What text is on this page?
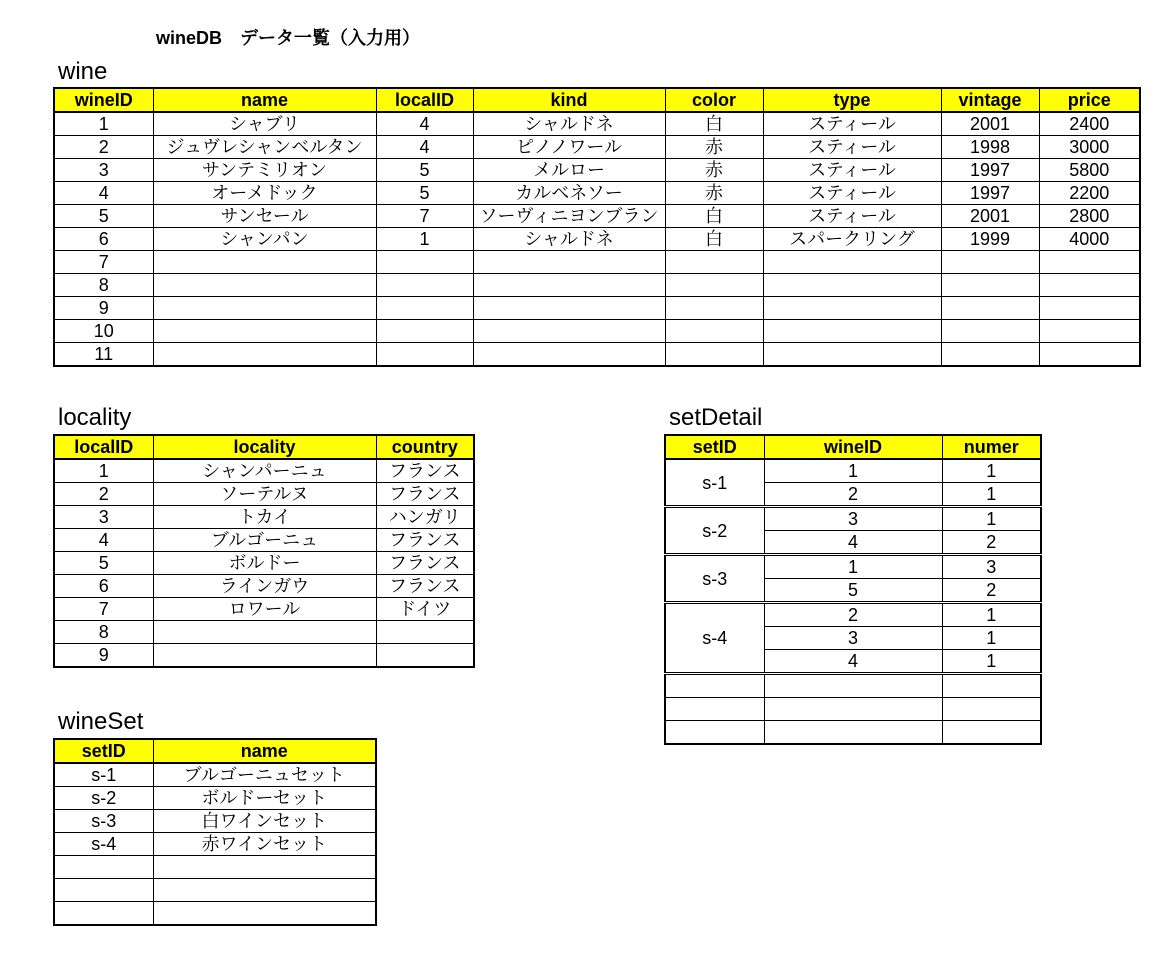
wineDB　データ一覧（入力用）
wine
wineID	name	localID	kind	color	type	vintage	price
1	シャブリ	4	シャルドネ	白	スティール	2001	2400
2	ジュヴレシャンベルタン	4	ピノノワール	赤	スティール	1998	3000
3	サンテミリオン	5	メルロー	赤	スティール	1997	5800
4	オーメドック	5	カルベネソー	赤	スティール	1997	2200
5	サンセール	7	ソーヴィニヨンブラン	白	スティール	2001	2800
6	シャンパン	1	シャルドネ	白	スパークリング	1999	4000
7							
8							
9							
10							
11							
locality
localID	locality	country
1	シャンパーニュ	フランス
2	ソーテルヌ	フランス
3	トカイ	ハンガリ
4	ブルゴーニュ	フランス
5	ボルドー	フランス
6	ラインガウ	フランス
7	ロワール	ドイツ
8		
9		
wineSet
setID	name
s-1	ブルゴーニュセット
s-2	ボルドーセット
s-3	白ワインセット
s-4	赤ワインセット

setDetail
setID	wineID	numer
s-1	1	1
	2	1
s-2	3	1
	4	2
s-3	1	3
	5	2
s-4	2	1
	3	1
	4	1
